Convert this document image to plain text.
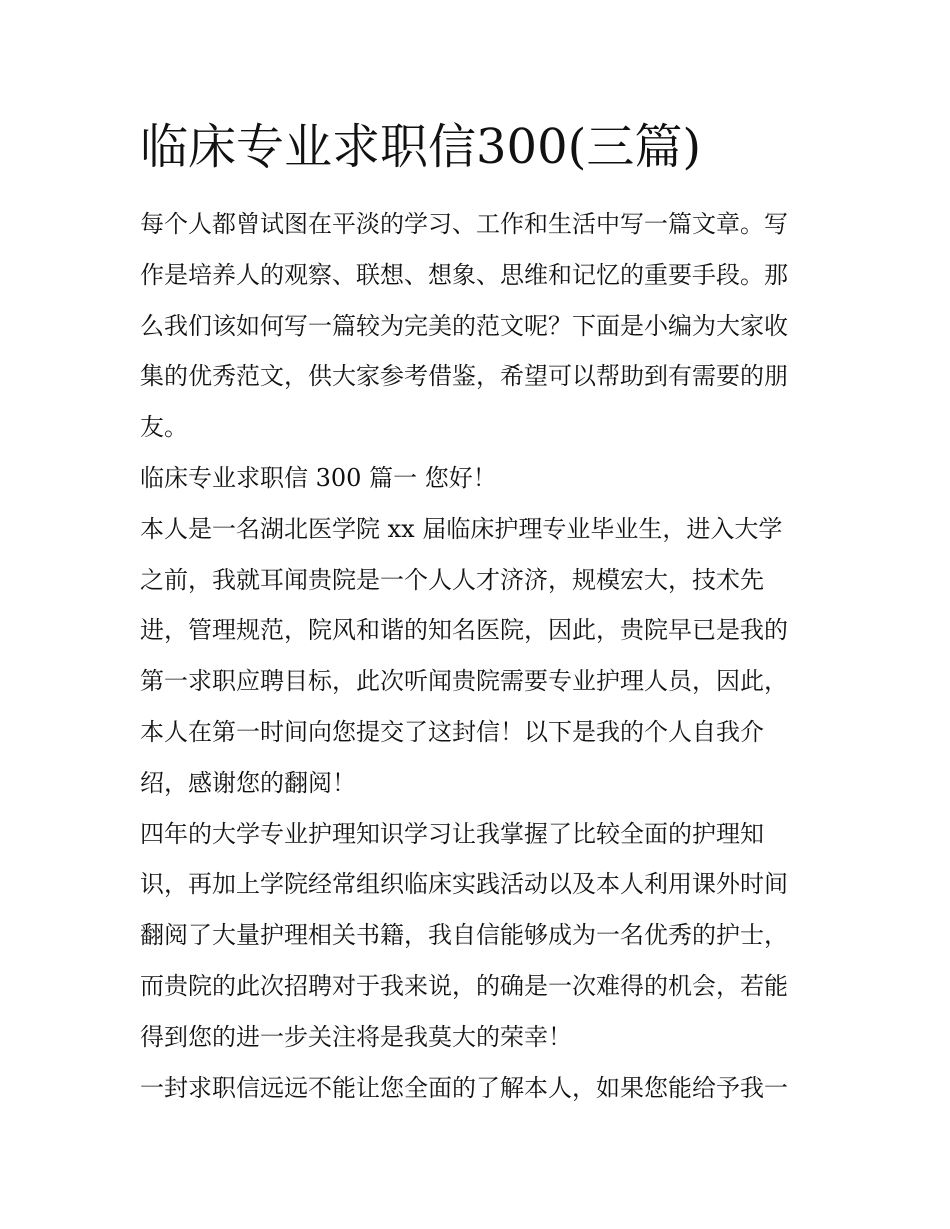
临床专业求职信300(三篇)
每个人都曾试图在平淡的学习、工作和生活中写一篇文章。写
作是培养人的观察、联想、想象、思维和记忆的重要手段。那
么我们该如何写一篇较为完美的范文呢？下面是小编为大家收
集的优秀范文，供大家参考借鉴，希望可以帮助到有需要的朋
友。
临床专业求职信 300 篇一 您好！
本人是一名湖北医学院 xx 届临床护理专业毕业生，进入大学
之前，我就耳闻贵院是一个人人才济济，规模宏大，技术先
进，管理规范，院风和谐的知名医院，因此，贵院早已是我的
第一求职应聘目标，此次听闻贵院需要专业护理人员，因此，
本人在第一时间向您提交了这封信！以下是我的个人自我介
绍，感谢您的翻阅！
四年的大学专业护理知识学习让我掌握了比较全面的护理知
识，再加上学院经常组织临床实践活动以及本人利用课外时间
翻阅了大量护理相关书籍，我自信能够成为一名优秀的护士，
而贵院的此次招聘对于我来说，的确是一次难得的机会，若能
得到您的进一步关注将是我莫大的荣幸！
一封求职信远远不能让您全面的了解本人，如果您能给予我一
